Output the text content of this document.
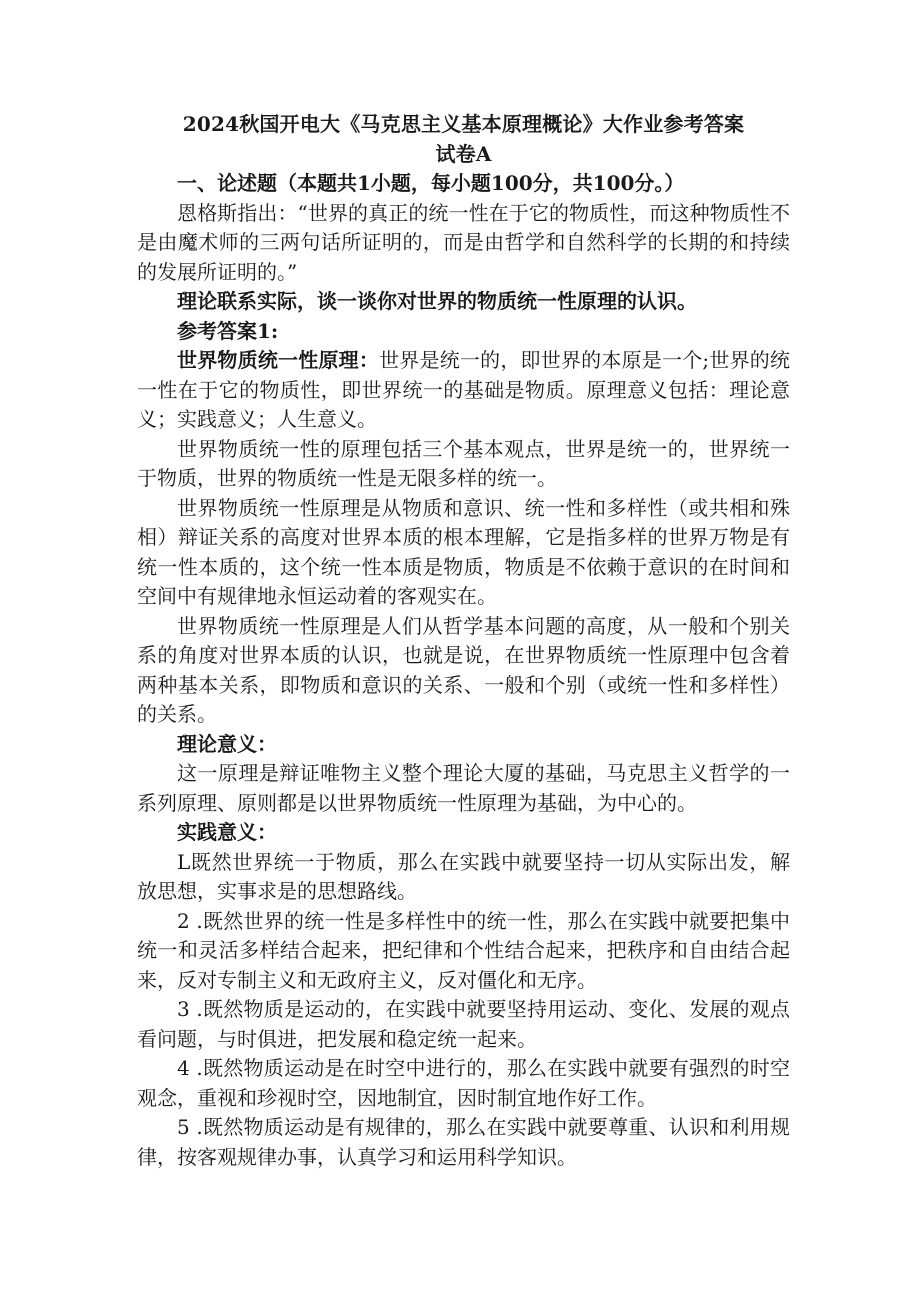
2024秋国开电大《马克思主义基本原理概论》大作业参考答案

试卷A

一、论述题（本题共1小题，每小题100分，共100分。）

恩格斯指出：“世界的真正的统一性在于它的物质性，而这种物质性不是由魔术师的三两句话所证明的，而是由哲学和自然科学的长期的和持续的发展所证明的。”

理论联系实际，谈一谈你对世界的物质统一性原理的认识。

参考答案1:

世界物质统一性原理：世界是统一的，即世界的本原是一个;世界的统一性在于它的物质性，即世界统一的基础是物质。原理意义包括：理论意义；实践意义；人生意义。

世界物质统一性的原理包括三个基本观点，世界是统一的，世界统一于物质，世界的物质统一性是无限多样的统一。

世界物质统一性原理是从物质和意识、统一性和多样性（或共相和殊相）辩证关系的高度对世界本质的根本理解，它是指多样的世界万物是有统一性本质的，这个统一性本质是物质，物质是不依赖于意识的在时间和空间中有规律地永恒运动着的客观实在。

世界物质统一性原理是人们从哲学基本问题的高度，从一般和个别关系的角度对世界本质的认识，也就是说，在世界物质统一性原理中包含着两种基本关系，即物质和意识的关系、一般和个别（或统一性和多样性）的关系。

理论意义：

这一原理是辩证唯物主义整个理论大厦的基础，马克思主义哲学的一系列原理、原则都是以世界物质统一性原理为基础，为中心的。

实践意义：

L既然世界统一于物质，那么在实践中就要坚持一切从实际出发，解放思想，实事求是的思想路线。

2 .既然世界的统一性是多样性中的统一性，那么在实践中就要把集中统一和灵活多样结合起来，把纪律和个性结合起来，把秩序和自由结合起来，反对专制主义和无政府主义，反对僵化和无序。

3 .既然物质是运动的，在实践中就要坚持用运动、变化、发展的观点看问题，与时俱进，把发展和稳定统一起来。

4 .既然物质运动是在时空中进行的，那么在实践中就要有强烈的时空观念，重视和珍视时空，因地制宜，因时制宜地作好工作。

5 .既然物质运动是有规律的，那么在实践中就要尊重、认识和利用规律，按客观规律办事，认真学习和运用科学知识。
